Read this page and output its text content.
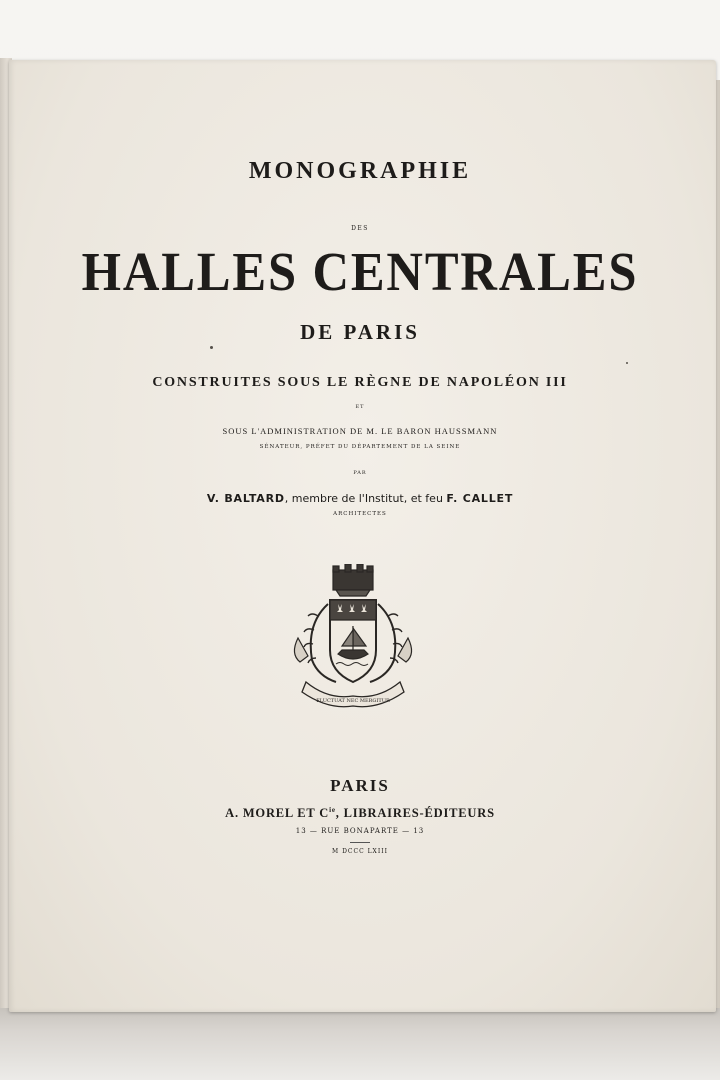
MONOGRAPHIE
DES
HALLES CENTRALES
DE PARIS
CONSTRUITES SOUS LE RÈGNE DE NAPOLÉON III
ET
SOUS L'ADMINISTRATION DE M. LE BARON HAUSSMANN
SÉNATEUR, PRÉFET DU DÉPARTEMENT DE LA SEINE
PAR
V. BALTARD, membre de l'Institut, et feu F. CALLET
ARCHITECTES
FLUCTUAT NEC MERGITUR
PARIS
A. MOREL ET $C^{ie}$, LIBRAIRES-ÉDITEURS
13 — RUE BONAPARTE — 13
M DCCC LXIII
